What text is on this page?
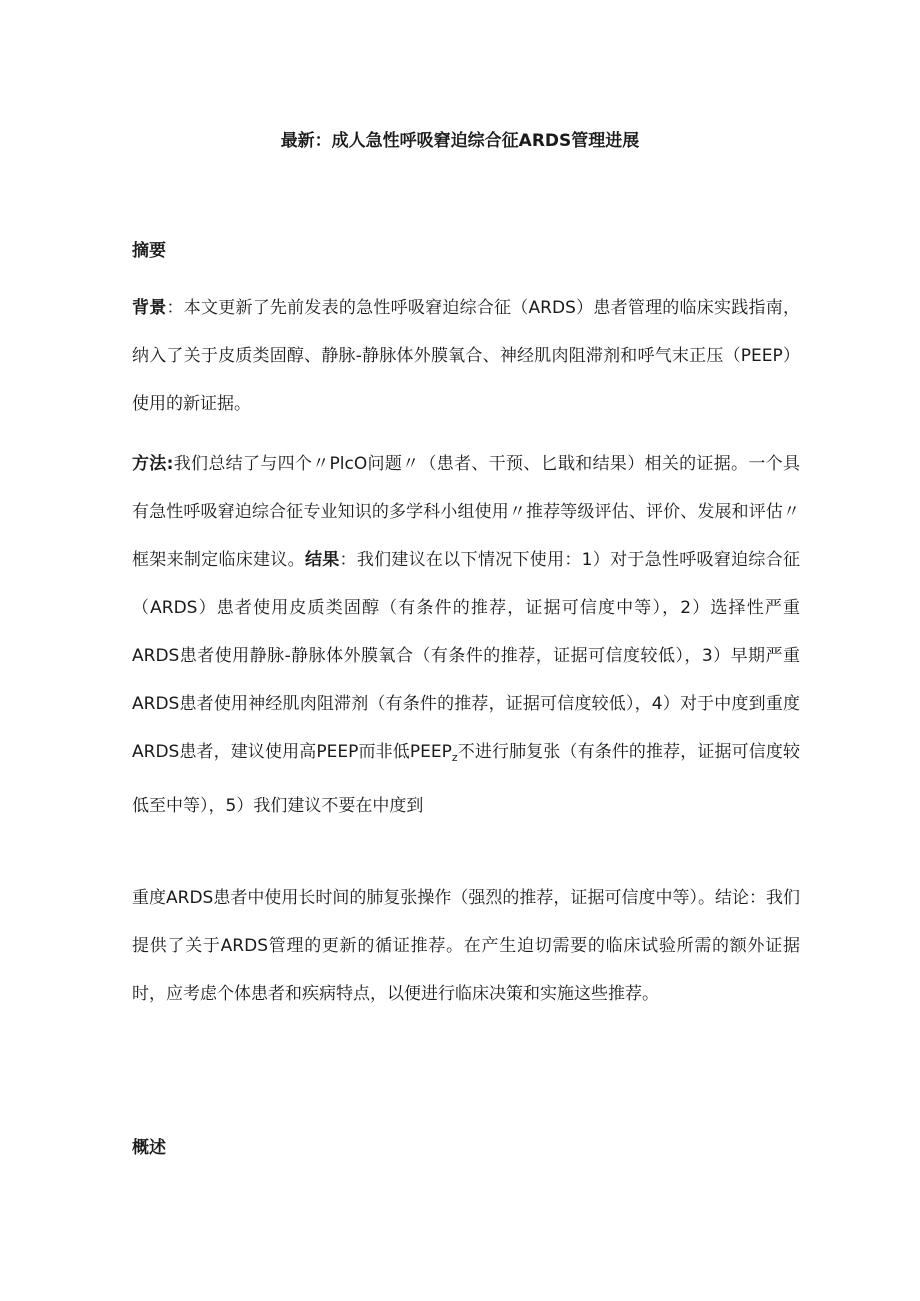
最新：成人急性呼吸窘迫综合征ARDS管理进展
摘要

背景：本文更新了先前发表的急性呼吸窘迫综合征（ARDS）患者管理的临床实践指南，纳入了关于皮质类固醇、静脉-静脉体外膜氧合、神经肌肉阻滞剂和呼气末正压（PEEP）使用的新证据。

方法:我们总结了与四个〃PlcO问题〃（患者、干预、匕戢和结果）相关的证据。一个具有急性呼吸窘迫综合征专业知识的多学科小组使用〃推荐等级评估、评价、发展和评估〃框架来制定临床建议。结果：我们建议在以下情况下使用：1）对于急性呼吸窘迫综合征（ARDS）患者使用皮质类固醇（有条件的推荐，证据可信度中等），2）选择性严重ARDS患者使用静脉-静脉体外膜氧合（有条件的推荐，证据可信度较低），3）早期严重ARDS患者使用神经肌肉阻滞剂（有条件的推荐，证据可信度较低），4）对于中度到重度ARDS患者，建议使用高PEEP而非低$PEEP_z$不进行肺复张（有条件的推荐，证据可信度较低至中等），5）我们建议不要在中度到

重度ARDS患者中使用长时间的肺复张操作（强烈的推荐，证据可信度中等）。结论：我们提供了关于ARDS管理的更新的循证推荐。在产生迫切需要的临床试验所需的额外证据时，应考虑个体患者和疾病特点，以便进行临床决策和实施这些推荐。

概述
